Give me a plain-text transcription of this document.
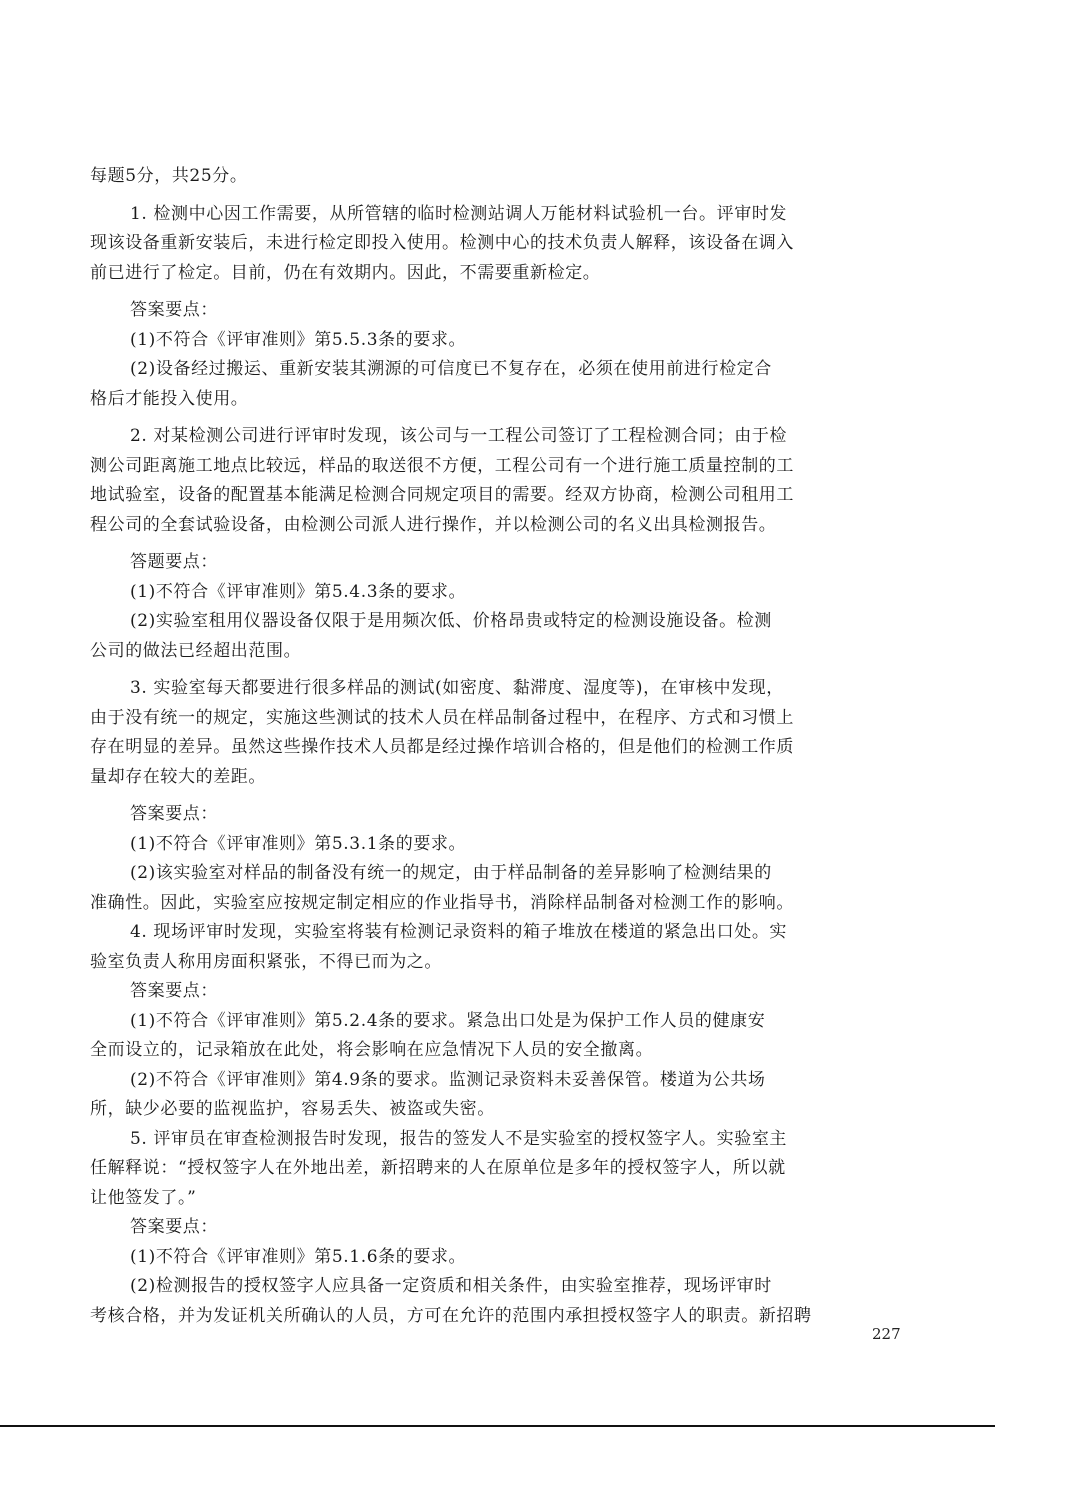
每题5分，共25分。
1. 检测中心因工作需要，从所管辖的临时检测站调人万能材料试验机一台。评审时发
现该设备重新安装后，未进行检定即投入使用。检测中心的技术负责人解释，该设备在调入
前已进行了检定。目前，仍在有效期内。因此，不需要重新检定。
答案要点：
(1)不符合《评审准则》第5.5.3条的要求。
(2)设备经过搬运、重新安装其溯源的可信度已不复存在，必须在使用前进行检定合
格后才能投入使用。
2. 对某检测公司进行评审时发现，该公司与一工程公司签订了工程检测合同；由于检
测公司距离施工地点比较远，样品的取送很不方便，工程公司有一个进行施工质量控制的工
地试验室，设备的配置基本能满足检测合同规定项目的需要。经双方协商，检测公司租用工
程公司的全套试验设备，由检测公司派人进行操作，并以检测公司的名义出具检测报告。
答题要点：
(1)不符合《评审准则》第5.4.3条的要求。
(2)实验室租用仪器设备仅限于是用频次低、价格昂贵或特定的检测设施设备。检测
公司的做法已经超出范围。
3. 实验室每天都要进行很多样品的测试(如密度、黏滞度、湿度等)，在审核中发现，
由于没有统一的规定，实施这些测试的技术人员在样品制备过程中，在程序、方式和习惯上
存在明显的差异。虽然这些操作技术人员都是经过操作培训合格的，但是他们的检测工作质
量却存在较大的差距。
答案要点：
(1)不符合《评审准则》第5.3.1条的要求。
(2)该实验室对样品的制备没有统一的规定，由于样品制备的差异影响了检测结果的
准确性。因此，实验室应按规定制定相应的作业指导书，消除样品制备对检测工作的影响。
4. 现场评审时发现，实验室将装有检测记录资料的箱子堆放在楼道的紧急出口处。实
验室负责人称用房面积紧张，不得已而为之。
答案要点：
(1)不符合《评审准则》第5.2.4条的要求。紧急出口处是为保护工作人员的健康安
全而设立的，记录箱放在此处，将会影响在应急情况下人员的安全撤离。
(2)不符合《评审准则》第4.9条的要求。监测记录资料未妥善保管。楼道为公共场
所，缺少必要的监视监护，容易丢失、被盗或失密。
5. 评审员在审查检测报告时发现，报告的签发人不是实验室的授权签字人。实验室主
任解释说：“授权签字人在外地出差，新招聘来的人在原单位是多年的授权签字人，所以就
让他签发了。”
答案要点：
(1)不符合《评审准则》第5.1.6条的要求。
(2)检测报告的授权签字人应具备一定资质和相关条件，由实验室推荐，现场评审时
考核合格，并为发证机关所确认的人员，方可在允许的范围内承担授权签字人的职责。新招聘
227
